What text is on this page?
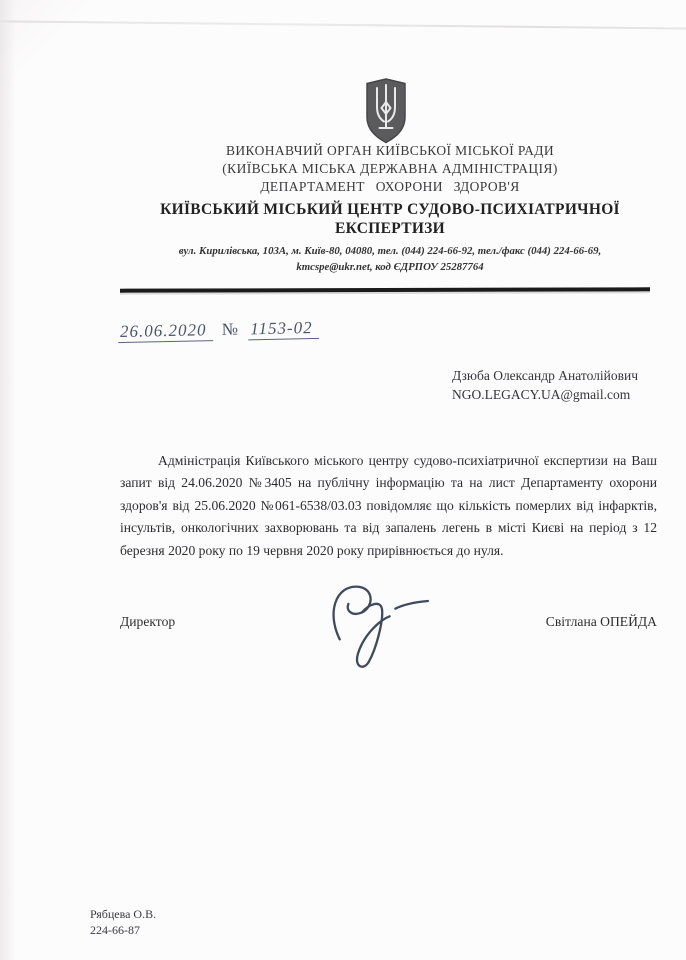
ВИКОНАВЧИЙ ОРГАН КИЇВСЬКОЇ МІСЬКОЇ РАДИ
(КИЇВСЬКА МІСЬКА ДЕРЖАВНА АДМІНІСТРАЦІЯ)
ДЕПАРТАМЕНТ ОХОРОНИ ЗДОРОВ'Я
КИЇВСЬКИЙ МІСЬКИЙ ЦЕНТР СУДОВО-ПСИХІАТРИЧНОЇ
ЕКСПЕРТИЗИ
вул. Кирилівська, 103А, м. Київ-80, 04080, тел. (044) 224-66-92, тел./факс (044) 224-66-69,
kmcspe@ukr.net, код ЄДРПОУ 25287764
26.06.2020 № 1153-02
Дзюба Олександр Анатолійович
NGO.LEGACY.UA@gmail.com
Адміністрація Київського міського центру судово-психіатричної експертизи на Ваш запит від 24.06.2020 №3405 на публічну інформацію та на лист Департаменту охорони здоров'я від 25.06.2020 №061-6538/03.03 повідомляє що кількість померлих від інфарктів, інсультів, онкологічних захворювань та від запалень легень в місті Києві на період з 12 березня 2020 року по 19 червня 2020 року прирівнюється до нуля.
Директор	Світлана ОПЕЙДА
Рябцева О.В.
224-66-87
